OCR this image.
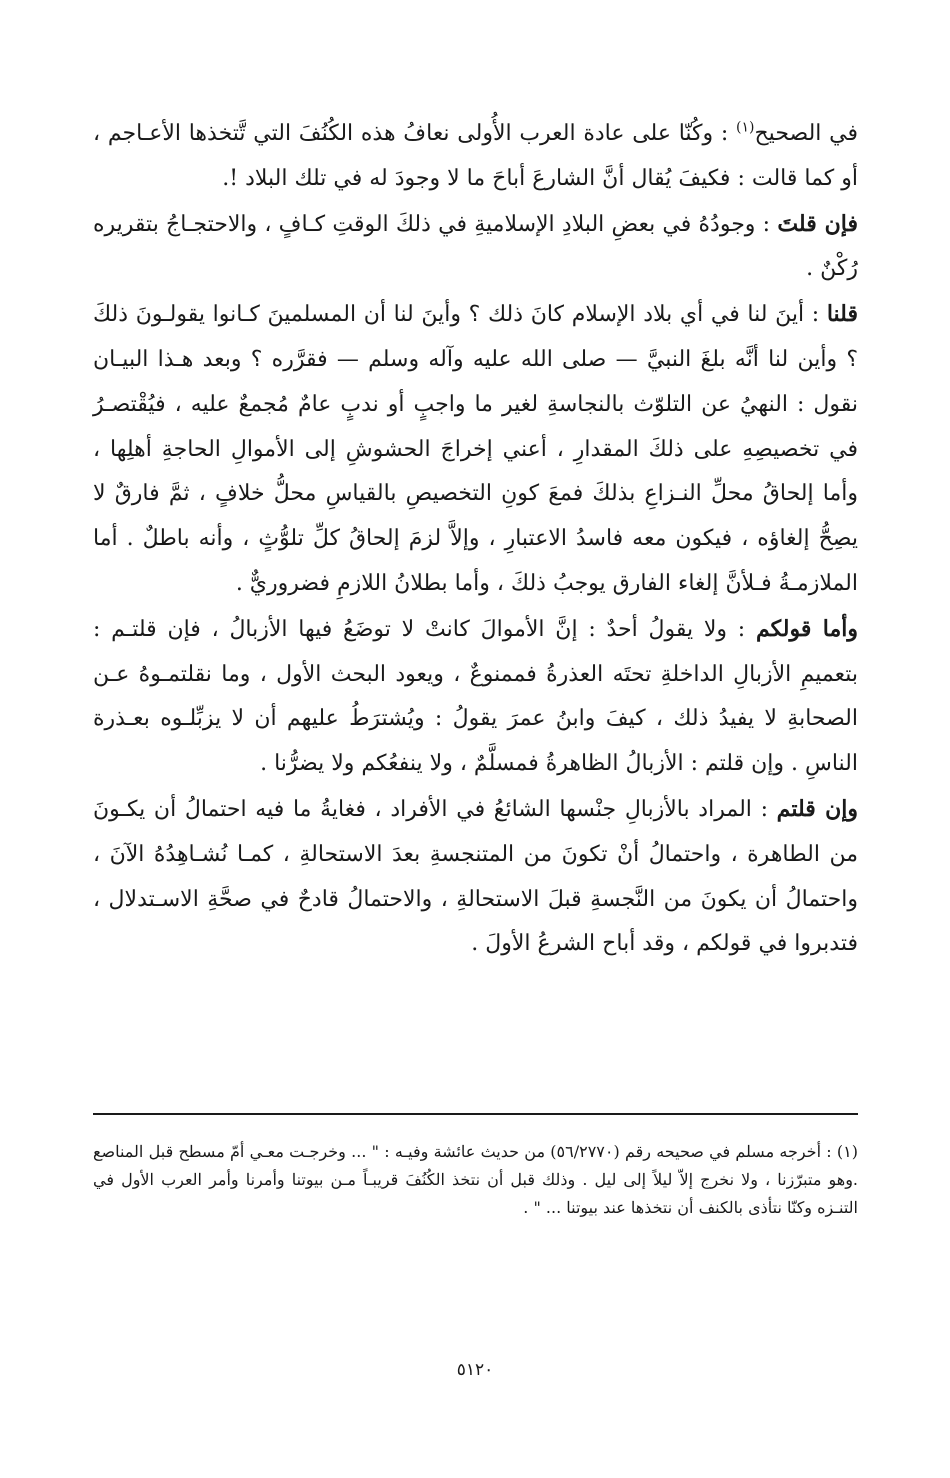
في الصحيح$^{(١)}$ : وكُنّا على عادة العرب الأُولى نعافُ هذه الكُنُفَ التي تَّتخذها الأعـاجم ، أو كما قالت : فكيفَ يُقال أنَّ الشارعَ أباحَ ما لا وجودَ له في تلك البلاد !.

فإن قلتَ : وجودُهُ في بعضِ البلادِ الإسلاميةِ في ذلكَ الوقتِ كـافٍ ، والاحتجـاجُ بتقريره رُكْنٌ .

قلنا : أينَ لنا في أي بلاد الإسلام كانَ ذلك ؟ وأينَ لنا أن المسلمينَ كـانوا يقولـونَ ذلكَ ؟ وأين لنا أنَّه بلغَ النبيَّ — صلى الله عليه وآله وسلم — فقرَّره ؟ وبعد هـذا البيـان نقول : النهيُ عن التلوّث بالنجاسةِ لغير ما واجبٍ أو ندبٍ عامٌ مُجمعٌ عليه ، فيُقْتصـرُ في تخصيصِهِ على ذلكَ المقدارِ ، أعني إخراجَ الحشوشِ إلى الأموالِ الحاجةِ أهلِها ، وأما إلحاقُ محلِّ النـزاعِ بذلكَ فمعَ كونِ التخصيصِ بالقياسِ محلُّ خلافٍ ، ثمَّ فارقٌ لا يصِحُّ إلغاؤه ، فيكون معه فاسدُ الاعتبارِ ، وإلاَّ لزمَ إلحاقُ كلِّ تلوُّثٍ ، وأنه باطلٌ . أما الملازمـةُ فـلأنَّ إلغاء الفارق يوجبُ ذلكَ ، وأما بطلانُ اللازمِ فضروريٌّ .

وأما قولكم : ولا يقولُ أحدٌ : إنَّ الأموالَ كانتْ لا توضَعُ فيها الأزبالُ ، فإن قلتـم : بتعميمِ الأزبالِ الداخلةِ تحتَه العذرةُ فممنوعٌ ، ويعود البحث الأول ، وما نقلتمـوهُ عـن الصحابةِ لا يفيدُ ذلك ، كيفَ وابنُ عمرَ يقولُ : ويُشترَطُ عليهم أن لا يزبِّلـوه بعـذرة الناسِ . وإن قلتم : الأزبالُ الظاهرةُ فمسلَّمٌ ، ولا ينفعُكم ولا يضرُّنا .

وإن قلتم : المراد بالأزبالِ جنْسها الشائعُ في الأفراد ، فغايةُ ما فيه احتمالُ أن يكـونَ من الطاهرة ، واحتمالُ أنْ تكونَ من المتنجسةِ بعدَ الاستحالةِ ، كمـا نُشـاهِدُهُ الآنَ ، واحتمالُ أن يكونَ من النَّجسةِ قبلَ الاستحالةِ ، والاحتمالُ قادحٌ في صحَّةِ الاسـتدلال ، فتدبروا في قولكم ، وقد أباح الشرعُ الأولَ .

(١) : أخرجه مسلم في صحيحه رقم (٥٦/٢٧٧٠) من حديث عائشة وفيـه : " ... وخرجـت معـي أمّ مسطح قبل المناصع .وهو متبرّزنا ، ولا نخرج إلاّ ليلاً إلى ليل . وذلك قبل أن نتخذ الكُنُفَ قريبـاً مـن بيوتنا وأمرنا وأمر العرب الأول في التنـزه وكنّا نتأذى بالكنف أن نتخذها عند بيوتنا ... " .

٥١٢٠
